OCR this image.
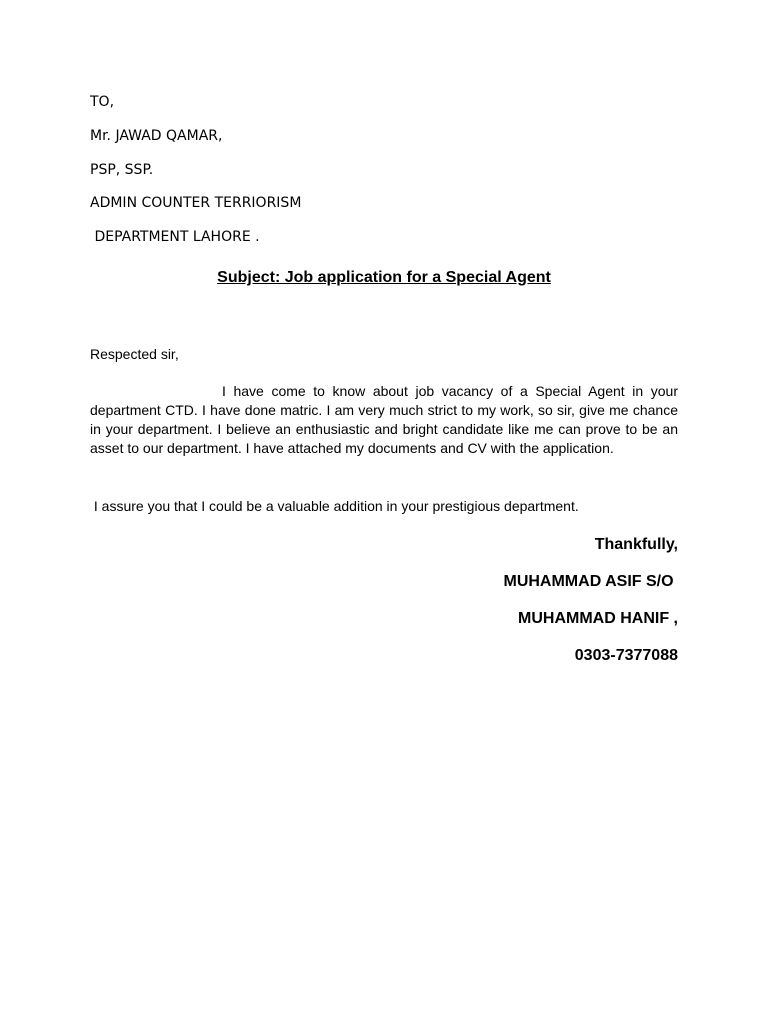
TO,

Mr. JAWAD QAMAR,

PSP, SSP.

ADMIN COUNTER TERRIORISM

DEPARTMENT LAHORE .

Subject: Job application for a Special Agent

Respected sir,

I have come to know about job vacancy of a Special Agent in your department CTD. I have done matric. I am very much strict to my work, so sir, give me chance in your department. I believe an enthusiastic and bright candidate like me can prove to be an asset to our department. I have attached my documents and CV with the application.

I assure you that I could be a valuable addition in your prestigious department.

Thankfully,

MUHAMMAD ASIF S/O

MUHAMMAD HANIF ,

0303-7377088
